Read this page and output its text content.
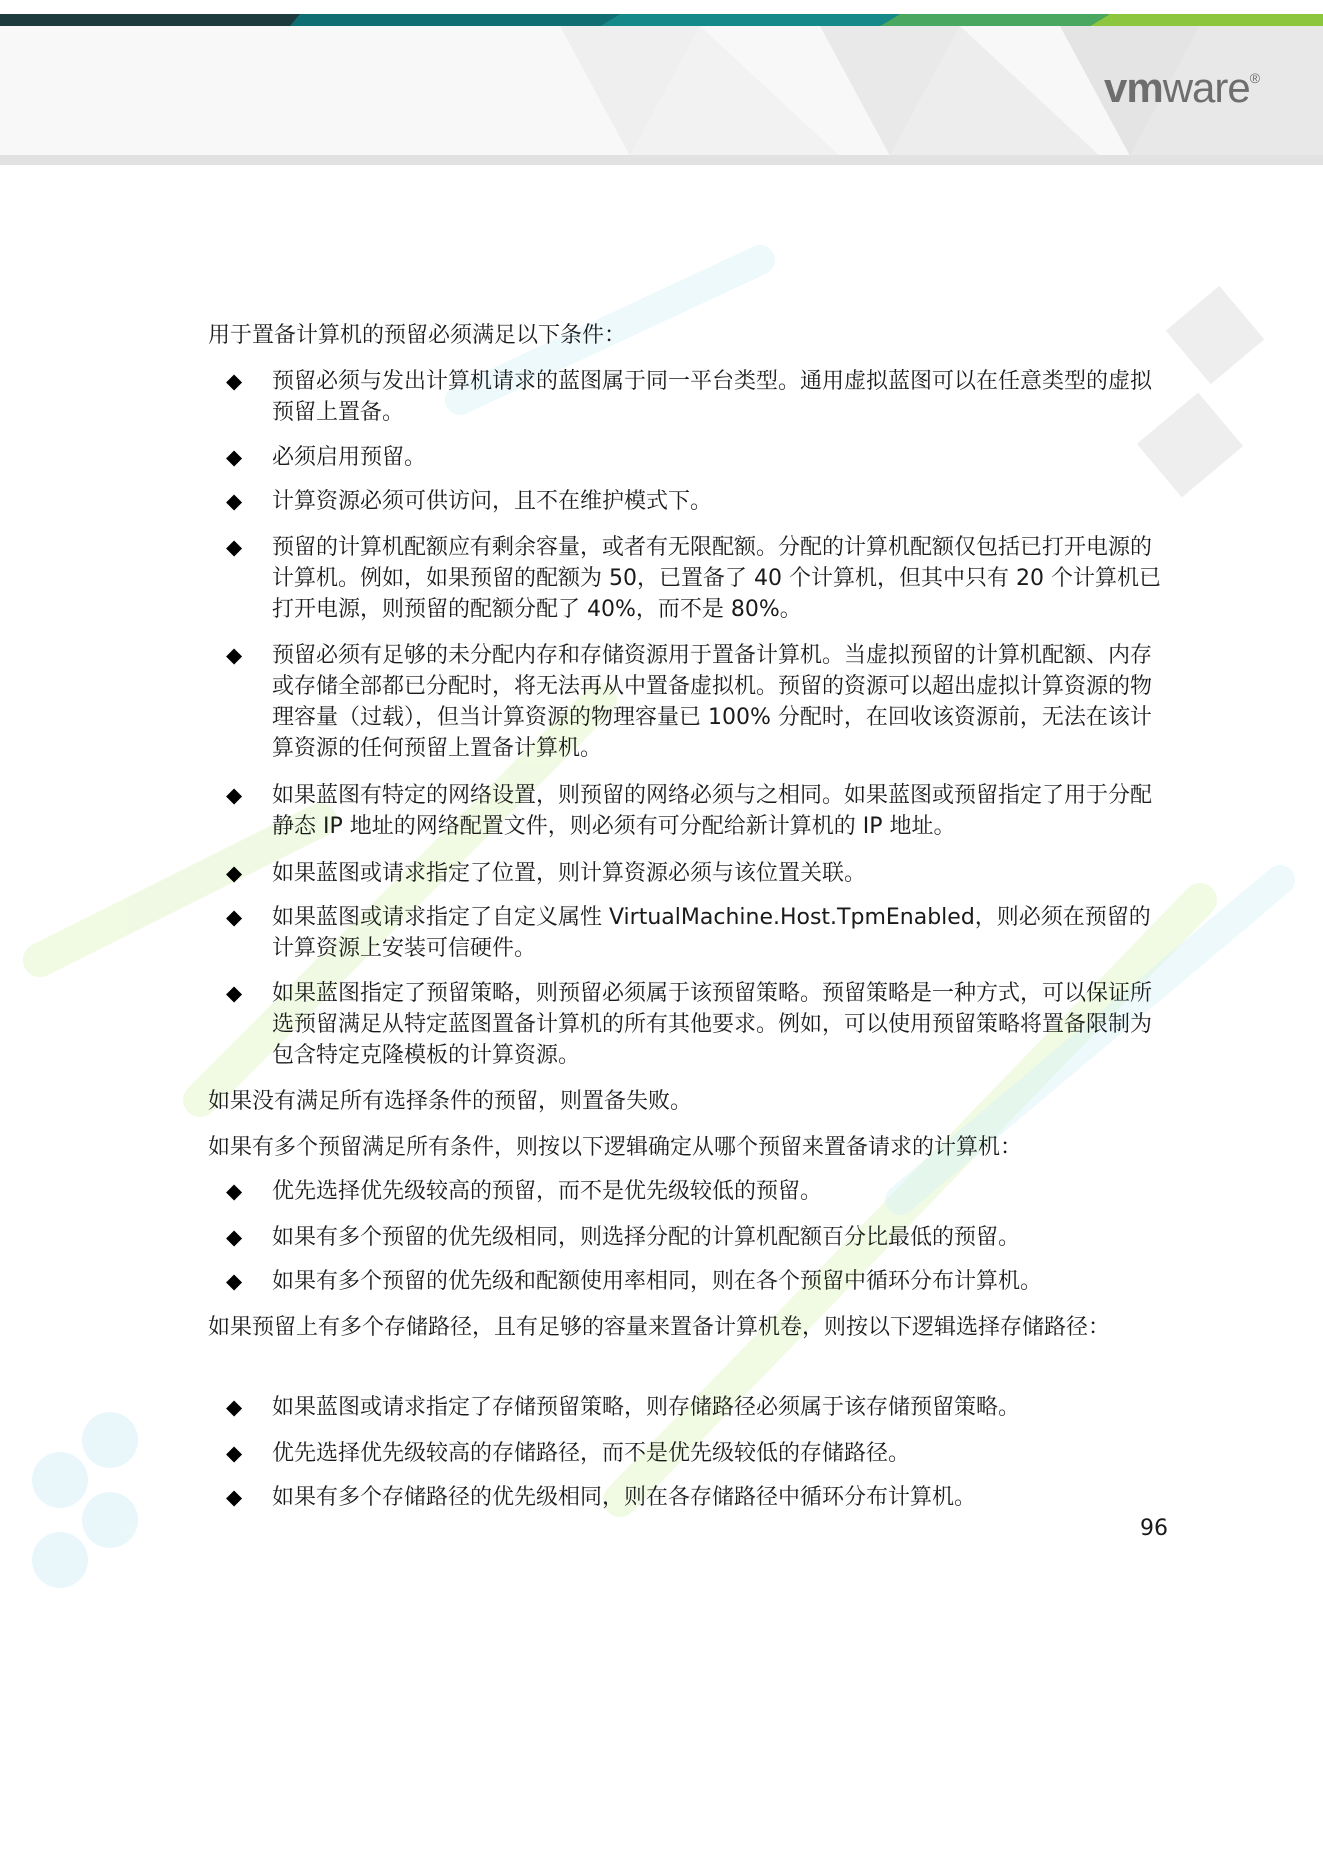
vmware®

用于置备计算机的预留必须满足以下条件：

◆ 预留必须与发出计算机请求的蓝图属于同一平台类型。通用虚拟蓝图可以在任意类型的虚拟预留上置备。
◆ 必须启用预留。
◆ 计算资源必须可供访问，且不在维护模式下。
◆ 预留的计算机配额应有剩余容量，或者有无限配额。分配的计算机配额仅包括已打开电源的计算机。例如，如果预留的配额为 50，已置备了 40 个计算机，但其中只有 20 个计算机已打开电源，则预留的配额分配了 40%，而不是 80%。
◆ 预留必须有足够的未分配内存和存储资源用于置备计算机。当虚拟预留的计算机配额、内存或存储全部都已分配时，将无法再从中置备虚拟机。预留的资源可以超出虚拟计算资源的物理容量（过载），但当计算资源的物理容量已 100% 分配时，在回收该资源前，无法在该计算资源的任何预留上置备计算机。
◆ 如果蓝图有特定的网络设置，则预留的网络必须与之相同。如果蓝图或预留指定了用于分配静态 IP 地址的网络配置文件，则必须有可分配给新计算机的 IP 地址。
◆ 如果蓝图或请求指定了位置，则计算资源必须与该位置关联。
◆ 如果蓝图或请求指定了自定义属性 VirtualMachine.Host.TpmEnabled，则必须在预留的计算资源上安装可信硬件。
◆ 如果蓝图指定了预留策略，则预留必须属于该预留策略。预留策略是一种方式，可以保证所选预留满足从特定蓝图置备计算机的所有其他要求。例如，可以使用预留策略将置备限制为包含特定克隆模板的计算资源。

如果没有满足所有选择条件的预留，则置备失败。

如果有多个预留满足所有条件，则按以下逻辑确定从哪个预留来置备请求的计算机：

◆ 优先选择优先级较高的预留，而不是优先级较低的预留。
◆ 如果有多个预留的优先级相同，则选择分配的计算机配额百分比最低的预留。
◆ 如果有多个预留的优先级和配额使用率相同，则在各个预留中循环分布计算机。

如果预留上有多个存储路径，且有足够的容量来置备计算机卷，则按以下逻辑选择存储路径：

◆ 如果蓝图或请求指定了存储预留策略，则存储路径必须属于该存储预留策略。
◆ 优先选择优先级较高的存储路径，而不是优先级较低的存储路径。
◆ 如果有多个存储路径的优先级相同，则在各存储路径中循环分布计算机。
96
